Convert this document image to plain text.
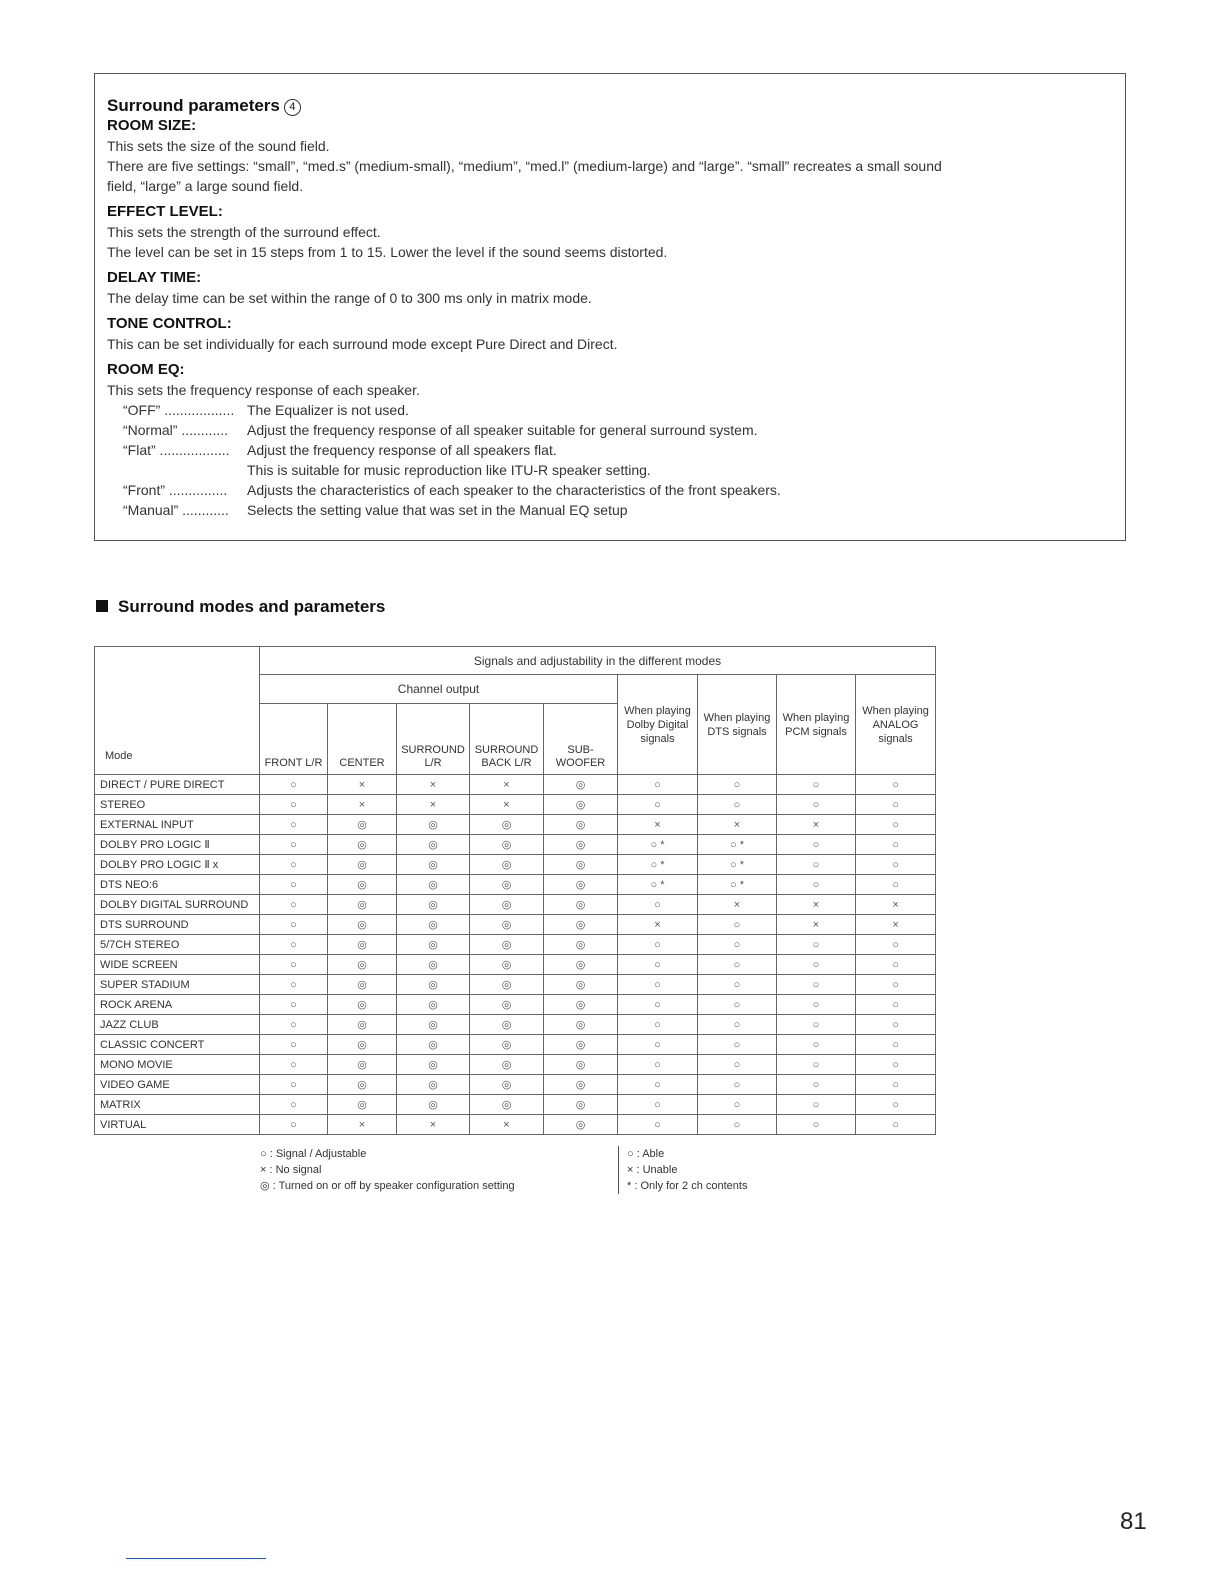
Surround parameters 4

ROOM SIZE:

This sets the size of the sound field.

There are five settings: “small”, “med.s” (medium-small), “medium”, “med.l” (medium-large) and “large”. “small” recreates a small sound

field, “large” a large sound field.

EFFECT LEVEL:

This sets the strength of the surround effect.

The level can be set in 15 steps from 1 to 15. Lower the level if the sound seems distorted.

DELAY TIME:

The delay time can be set within the range of 0 to 300 ms only in matrix mode.

TONE CONTROL:

This can be set individually for each surround mode except Pure Direct and Direct.

ROOM EQ:

This sets the frequency response of each speaker.

“OFF” .................. The Equalizer is not used.
“Normal” ............	Adjust the frequency response of all speaker suitable for general surround system.
“Flat” ..................	Adjust the frequency response of all speakers flat.
This is suitable for music reproduction like ITU-R speaker setting.
“Front” ...............	Adjusts the characteristics of each speaker to the characteristics of the front speakers.
“Manual” ............	Selects the setting value that was set in the Manual EQ setup
Surround modes and parameters
Mode	Signals and adjustability in the different modes								
	Channel output					When playing Dolby Digital signals	When playing DTS signals	When playing PCM signals	When playing ANALOG signals
	FRONT L/R	CENTER	SURROUND L/R	SURROUND BACK L/R	SUB-WOOFER				
DIRECT / PURE DIRECT	○	×	×	×	◎	○	○	○	○
STEREO	○	×	×	×	◎	○	○	○	○
EXTERNAL INPUT	○	◎	◎	◎	◎	×	×	×	○
DOLBY PRO LOGIC Ⅱ	○	◎	◎	◎	◎	○ *	○ *	○	○
DOLBY PRO LOGIC Ⅱ x	○	◎	◎	◎	◎	○ *	○ *	○	○
DTS NEO:6	○	◎	◎	◎	◎	○ *	○ *	○	○
DOLBY DIGITAL SURROUND	○	◎	◎	◎	◎	○	×	×	×
DTS SURROUND	○	◎	◎	◎	◎	×	○	×	×
5/7CH STEREO	○	◎	◎	◎	◎	○	○	○	○
WIDE SCREEN	○	◎	◎	◎	◎	○	○	○	○
SUPER STADIUM	○	◎	◎	◎	◎	○	○	○	○
ROCK ARENA	○	◎	◎	◎	◎	○	○	○	○
JAZZ CLUB	○	◎	◎	◎	◎	○	○	○	○
CLASSIC CONCERT	○	◎	◎	◎	◎	○	○	○	○
MONO MOVIE	○	◎	◎	◎	◎	○	○	○	○
VIDEO GAME	○	◎	◎	◎	◎	○	○	○	○
MATRIX	○	◎	◎	◎	◎	○	○	○	○
VIRTUAL	○	×	×	×	◎	○	○	○	○
○ : Signal / Adjustable
× : No signal
◎ : Turned on or off by speaker configuration setting
○ : Able
× : Unable
* : Only for 2 ch contents
81
